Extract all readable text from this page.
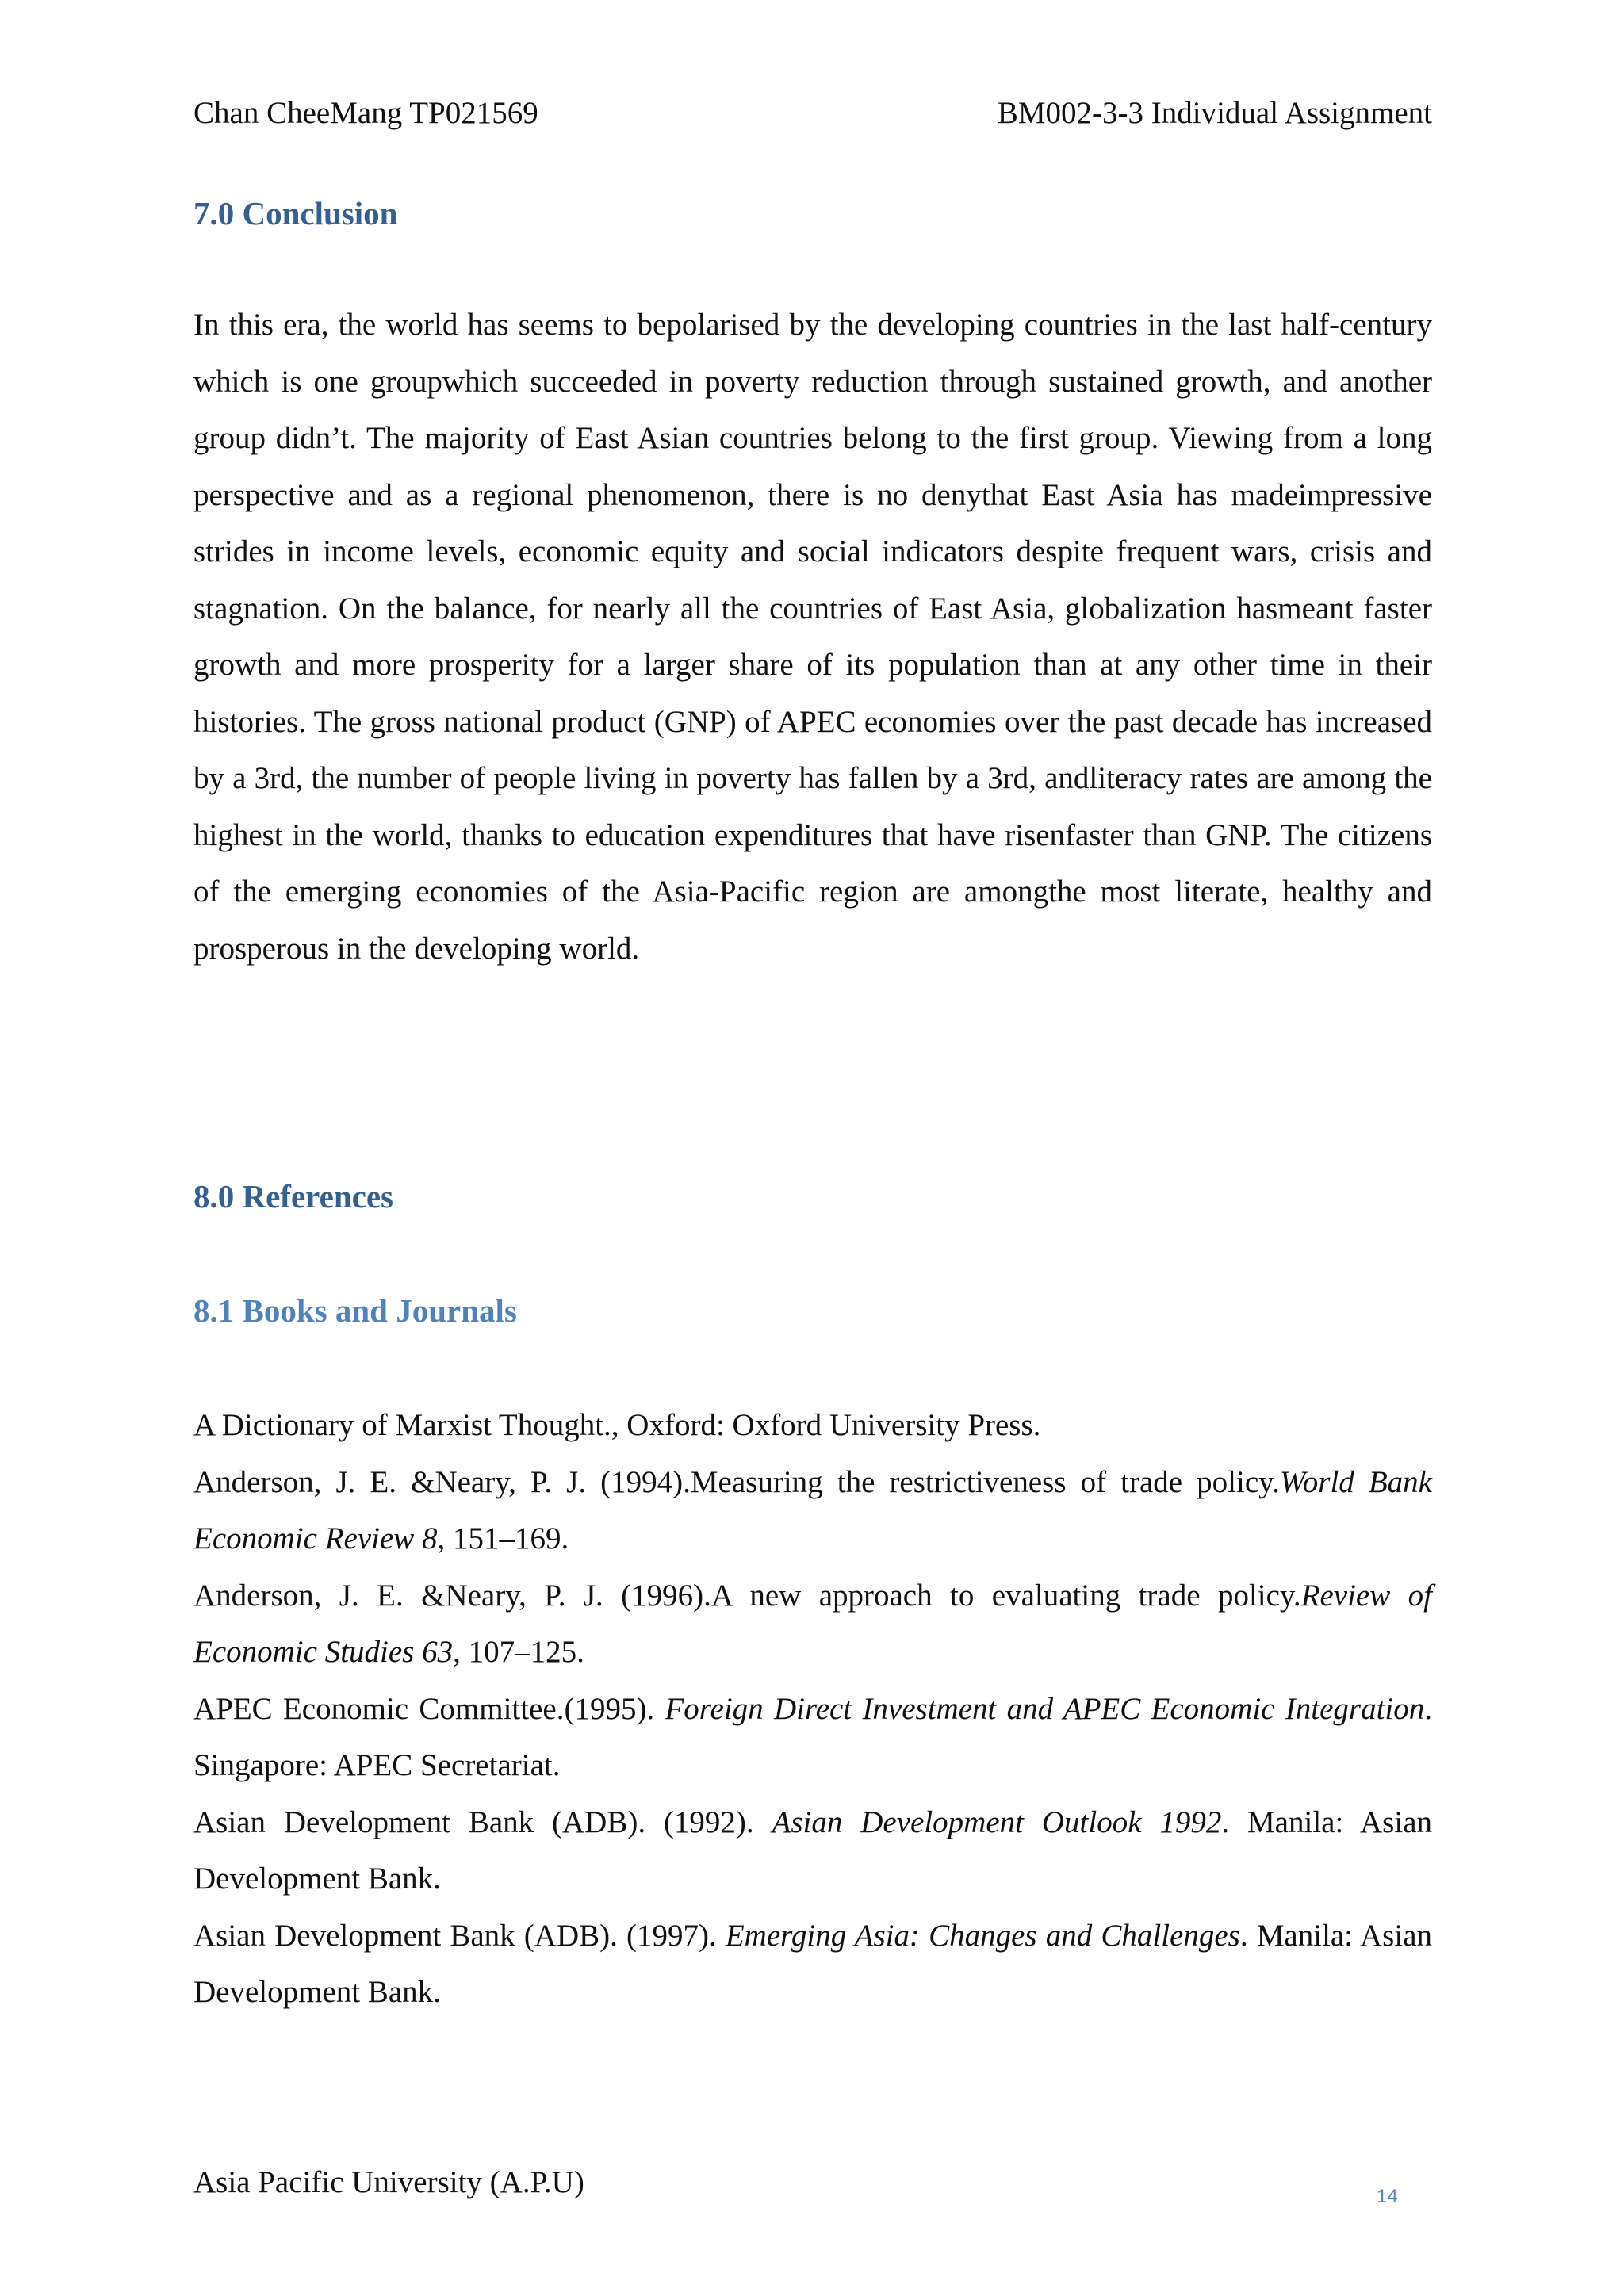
Chan CheeMang TP021569	BM002-3-3 Individual Assignment
7.0 Conclusion
In this era, the world has seems to bepolarised by the developing countries in the last half-century which is one groupwhich succeeded in poverty reduction through sustained growth, and another group didn’t. The majority of East Asian countries belong to the first group. Viewing from a long perspective and as a regional phenomenon, there is no denythat East Asia has madeimpressive strides in income levels, economic equity and social indicators despite frequent wars, crisis and stagnation. On the balance, for nearly all the countries of East Asia, globalization hasmeant faster growth and more prosperity for a larger share of its population than at any other time in their histories. The gross national product (GNP) of APEC economies over the past decade has increased by a 3rd, the number of people living in poverty has fallen by a 3rd, andliteracy rates are among the highest in the world, thanks to education expenditures that have risenfaster than GNP. The citizens of the emerging economies of the Asia-Pacific region are amongthe most literate, healthy and prosperous in the developing world.
8.0 References
8.1 Books and Journals

A Dictionary of Marxist Thought., Oxford: Oxford University Press.

Anderson, J. E. &Neary, P. J. (1994).Measuring the restrictiveness of trade policy.World Bank Economic Review 8, 151–169.

Anderson, J. E. &Neary, P. J. (1996).A new approach to evaluating trade policy.Review of Economic Studies 63, 107–125.

APEC Economic Committee.(1995). Foreign Direct Investment and APEC Economic Integration. Singapore: APEC Secretariat.

Asian Development Bank (ADB). (1992). Asian Development Outlook 1992. Manila: Asian Development Bank.

Asian Development Bank (ADB). (1997). Emerging Asia: Changes and Challenges. Manila: Asian Development Bank.

Asia Pacific University (A.P.U)	14
